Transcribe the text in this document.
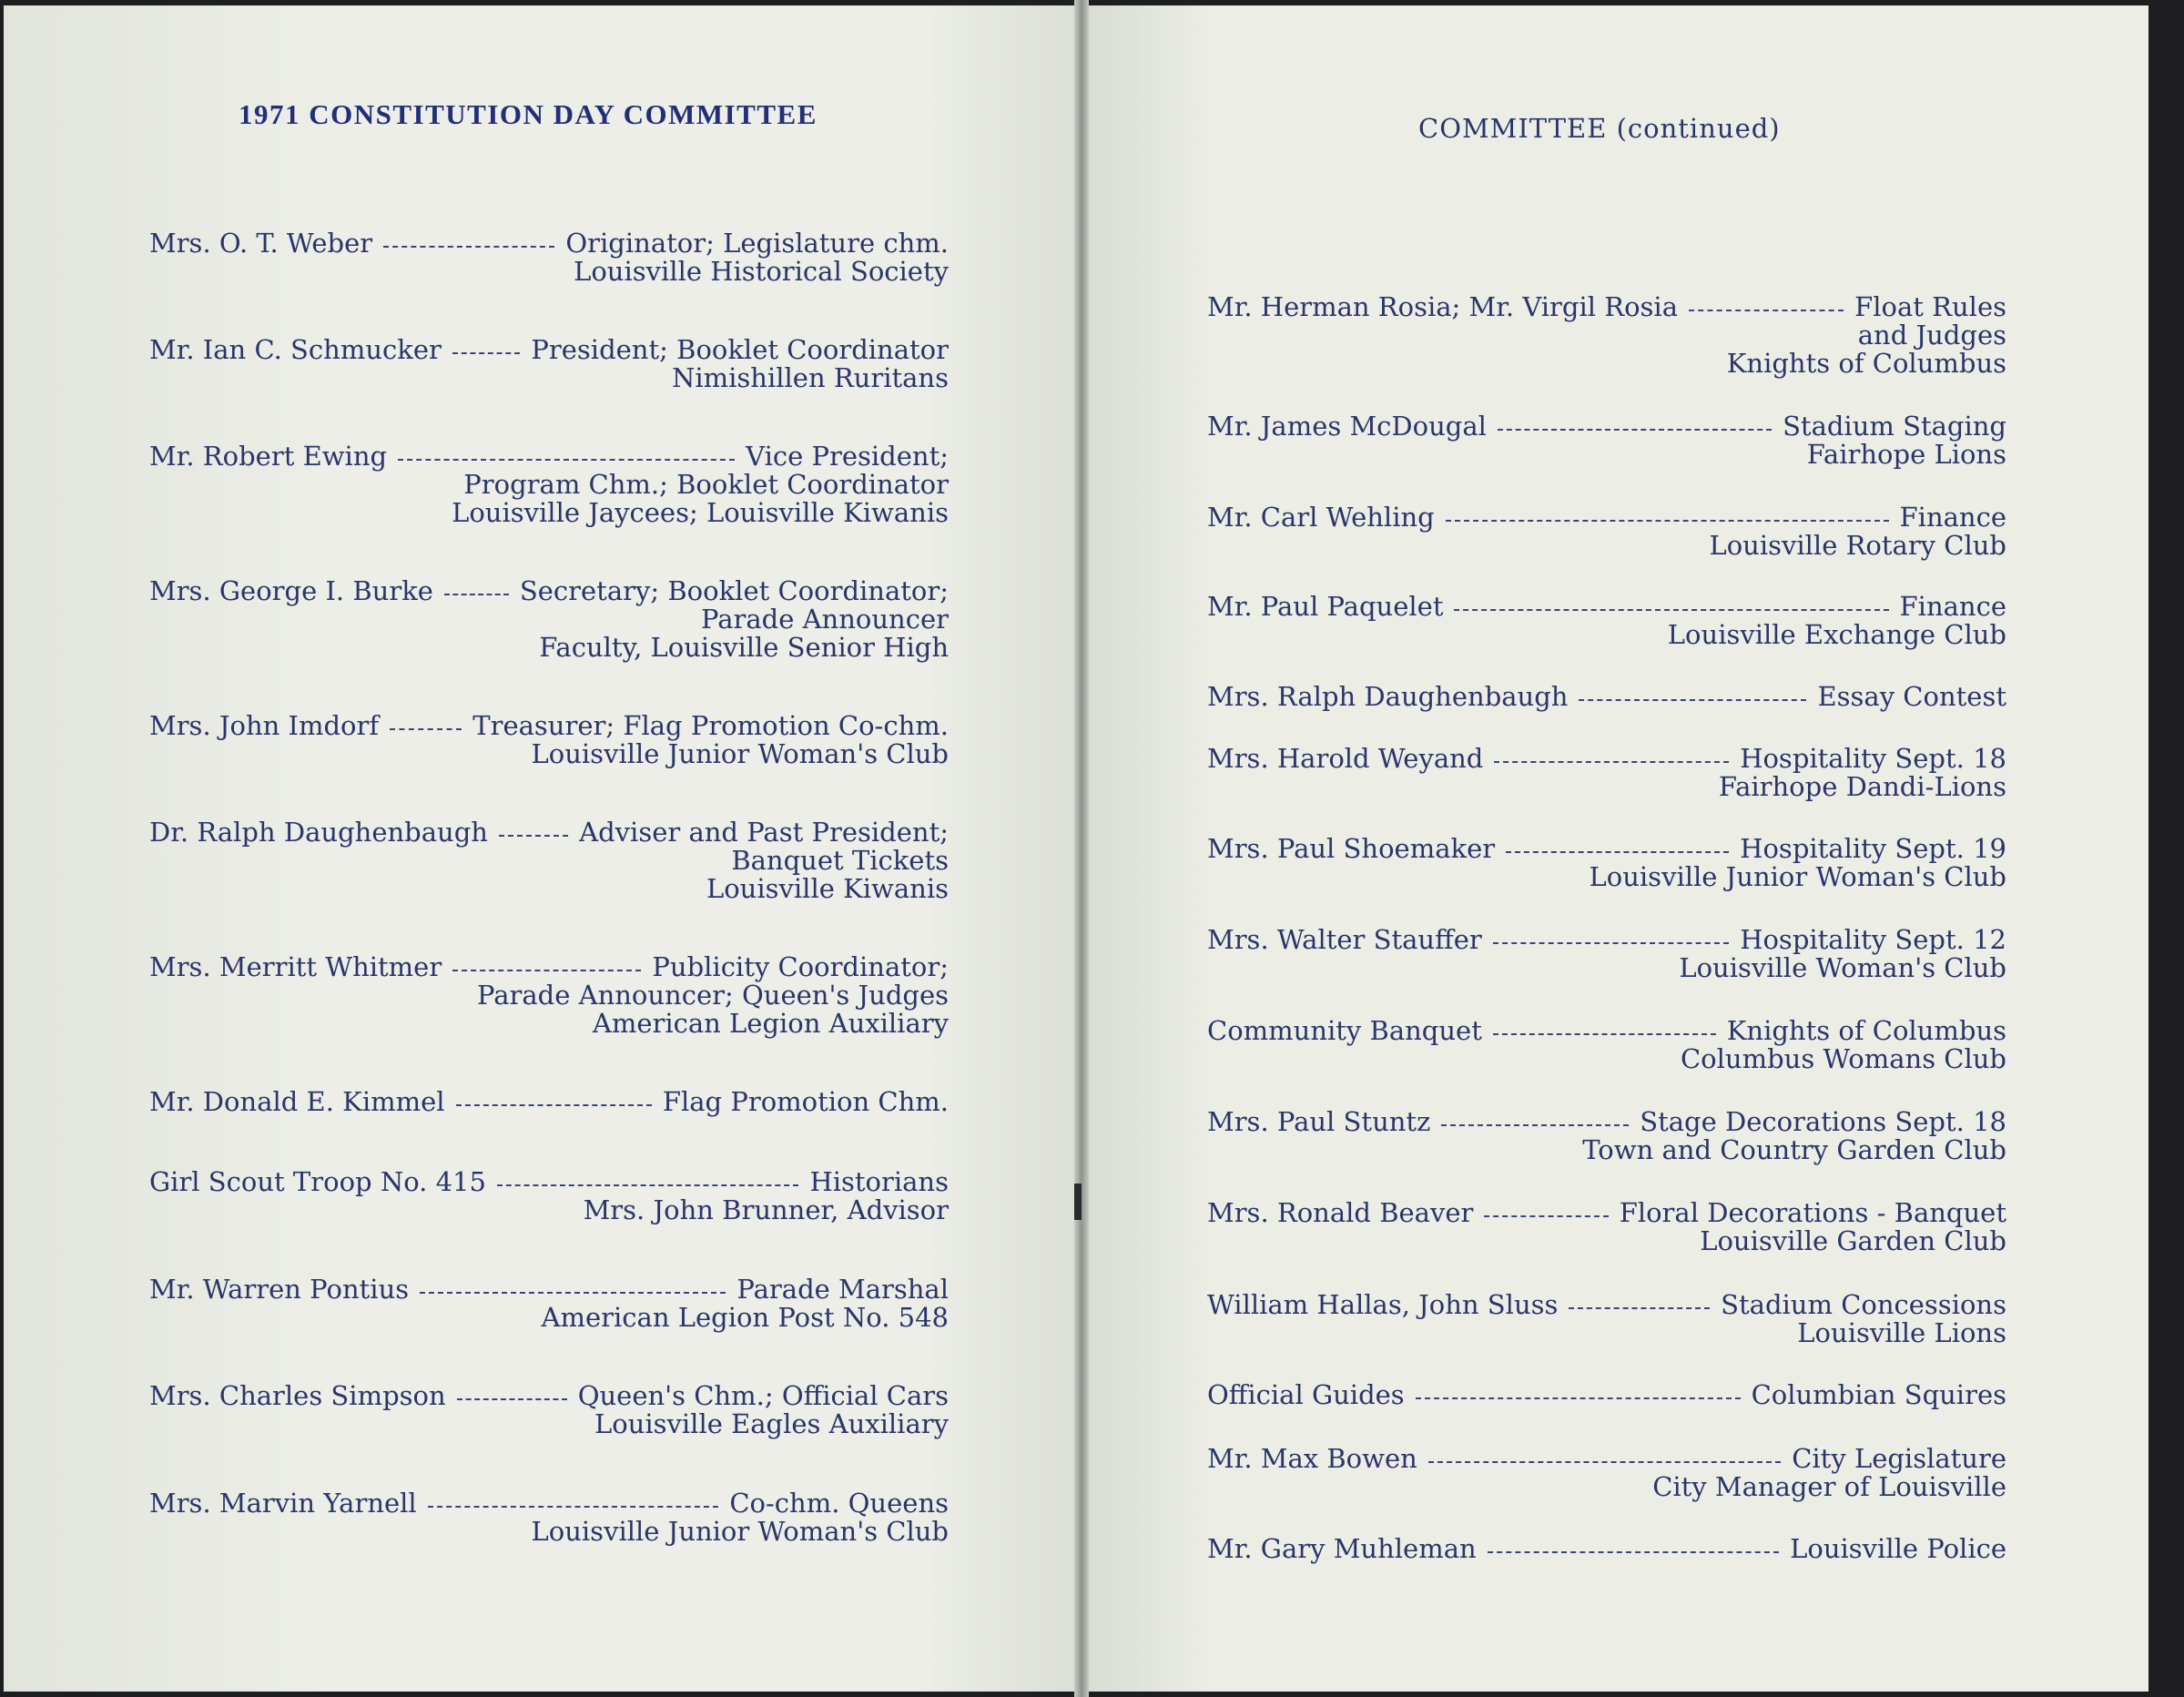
1971 CONSTITUTION DAY COMMITTEE	COMMITTEE (continued)
Mrs. O. T. Weber	Originator; Legislature chm.
Louisville Historical Society
Mr. Ian C. Schmucker	President; Booklet Coordinator
Nimishillen Ruritans
Mr. Robert Ewing	Vice President;
Program Chm.; Booklet Coordinator
Louisville Jaycees; Louisville Kiwanis
Mrs. George I. Burke	Secretary; Booklet Coordinator;
Parade Announcer
Faculty, Louisville Senior High
Mrs. John Imdorf	Treasurer; Flag Promotion Co-chm.
Louisville Junior Woman's Club
Dr. Ralph Daughenbaugh	Adviser and Past President;
Banquet Tickets
Louisville Kiwanis
Mrs. Merritt Whitmer	Publicity Coordinator;
Parade Announcer; Queen's Judges
American Legion Auxiliary
Mr. Donald E. Kimmel	Flag Promotion Chm.
Girl Scout Troop No. 415	Historians
Mrs. John Brunner, Advisor
Mr. Warren Pontius	Parade Marshal
American Legion Post No. 548
Mrs. Charles Simpson	Queen's Chm.; Official Cars
Louisville Eagles Auxiliary
Mrs. Marvin Yarnell	Co-chm. Queens
Louisville Junior Woman's Club
Mr. Herman Rosia; Mr. Virgil Rosia	Float Rules
and Judges
Knights of Columbus
Mr. James McDougal	Stadium Staging
Fairhope Lions
Mr. Carl Wehling	Finance
Louisville Rotary Club
Mr. Paul Paquelet	Finance
Louisville Exchange Club
Mrs. Ralph Daughenbaugh	Essay Contest
Mrs. Harold Weyand	Hospitality Sept. 18
Fairhope Dandi-Lions
Mrs. Paul Shoemaker	Hospitality Sept. 19
Louisville Junior Woman's Club
Mrs. Walter Stauffer	Hospitality Sept. 12
Louisville Woman's Club
Community Banquet	Knights of Columbus
Columbus Womans Club
Mrs. Paul Stuntz	Stage Decorations Sept. 18
Town and Country Garden Club
Mrs. Ronald Beaver	Floral Decorations - Banquet
Louisville Garden Club
William Hallas, John Sluss	Stadium Concessions
Louisville Lions
Official Guides	Columbian Squires
Mr. Max Bowen	City Legislature
City Manager of Louisville
Mr. Gary Muhleman	Louisville Police
